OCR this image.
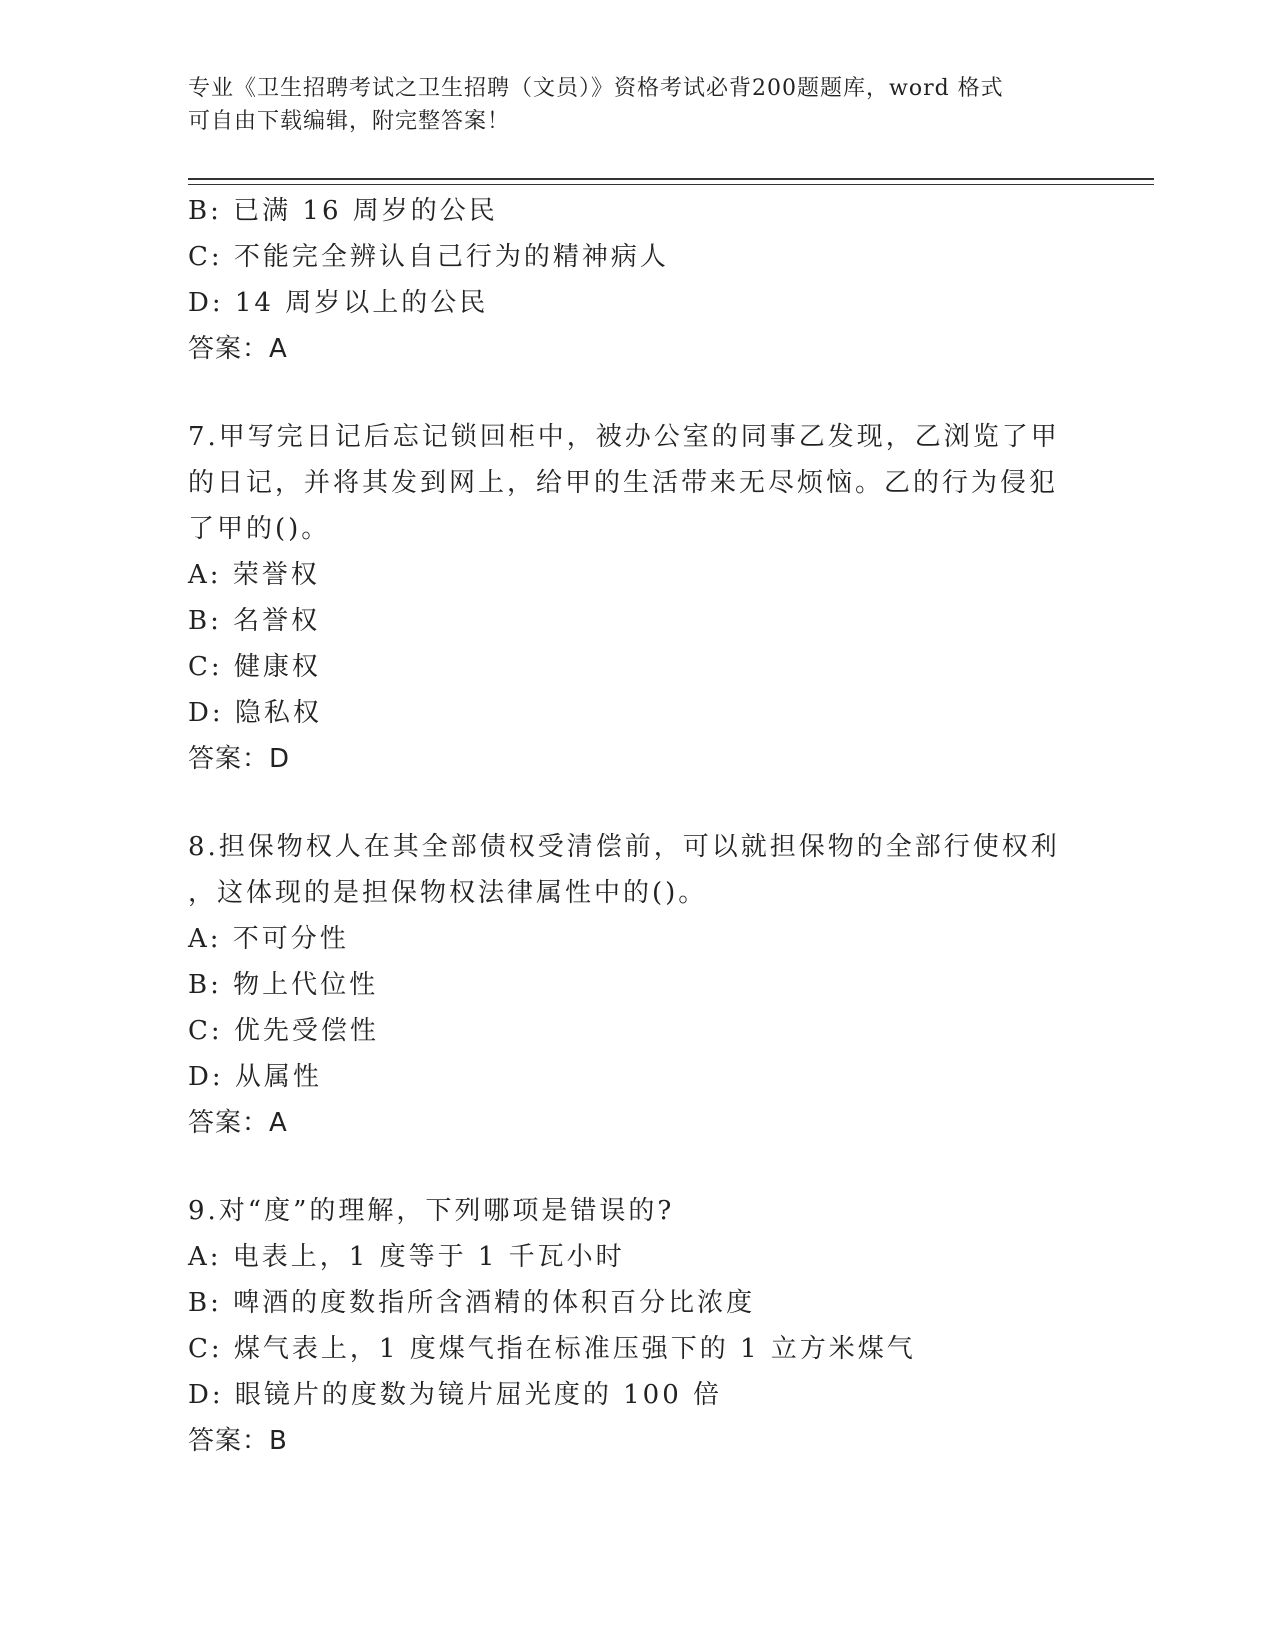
专业《卫生招聘考试之卫生招聘（文员）》资格考试必背200题题库，word 格式
可自由下载编辑，附完整答案！
B: 已满 16 周岁的公民
C: 不能完全辨认自己行为的精神病人
D: 14 周岁以上的公民
答案：A
7.甲写完日记后忘记锁回柜中，被办公室的同事乙发现，乙浏览了甲
的日记，并将其发到网上，给甲的生活带来无尽烦恼。乙的行为侵犯
了甲的()。
A: 荣誉权
B: 名誉权
C: 健康权
D: 隐私权
答案：D
8.担保物权人在其全部债权受清偿前，可以就担保物的全部行使权利
，这体现的是担保物权法律属性中的()。
A: 不可分性
B: 物上代位性
C: 优先受偿性
D: 从属性
答案：A
9.对“度”的理解，下列哪项是错误的?
A: 电表上，1 度等于 1 千瓦小时
B: 啤酒的度数指所含酒精的体积百分比浓度
C: 煤气表上，1 度煤气指在标准压强下的 1 立方米煤气
D: 眼镜片的度数为镜片屈光度的 100 倍
答案：B
